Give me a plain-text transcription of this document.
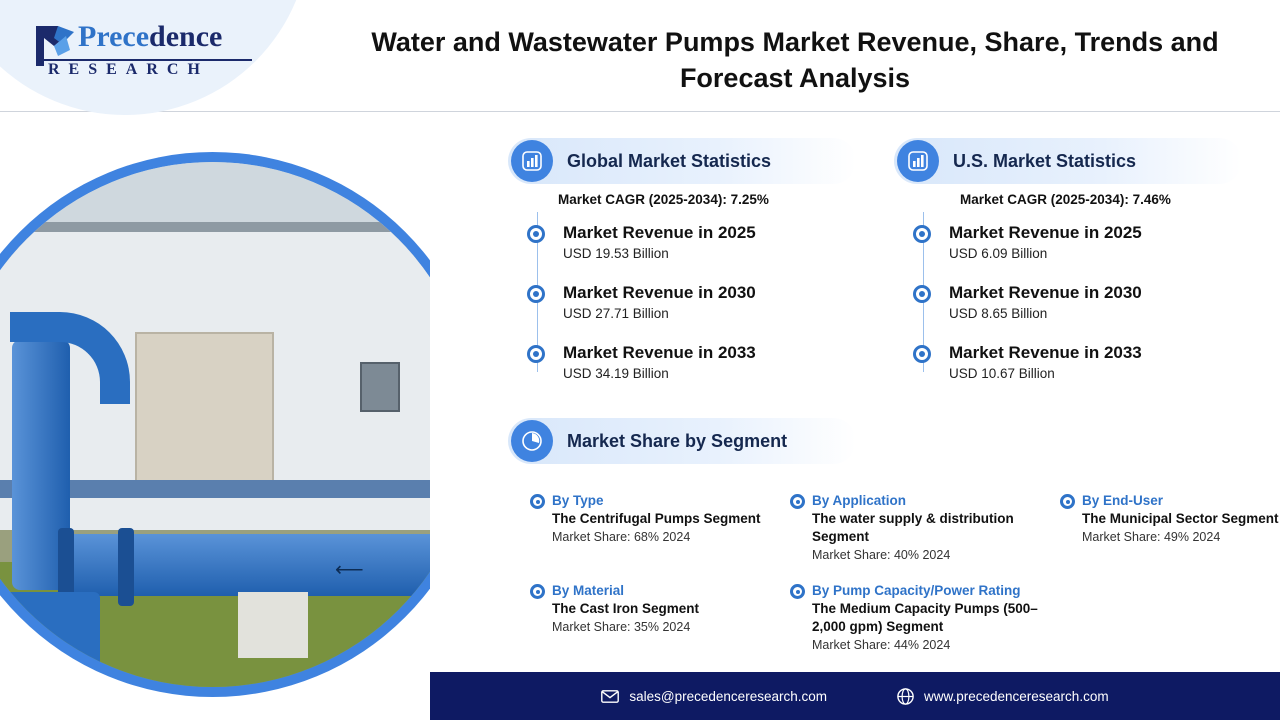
Precedence
RESEARCH
Water and Wastewater Pumps Market Revenue, Share, Trends and Forecast Analysis
⟵
Global Market Statistics
Market CAGR (2025-2034): 7.25%
Market Revenue in 2025
USD 19.53 Billion
Market Revenue in 2030
USD 27.71 Billion
Market Revenue in 2033
USD 34.19 Billion
U.S. Market Statistics
Market CAGR (2025-2034): 7.46%
Market Revenue in 2025
USD 6.09 Billion
Market Revenue in 2030
USD 8.65 Billion
Market Revenue in 2033
USD 10.67 Billion
Market Share by Segment
By Type
The Centrifugal Pumps Segment
Market Share: 68% 2024
By Application
The water supply & distribution Segment
Market Share: 40% 2024
By End-User
The Municipal Sector Segment
Market Share: 49% 2024
By Material
The Cast Iron Segment
Market Share: 35% 2024
By Pump Capacity/Power Rating
The Medium Capacity Pumps (500–2,000 gpm) Segment
Market Share: 44% 2024
sales@precedenceresearch.com	www.precedenceresearch.com
